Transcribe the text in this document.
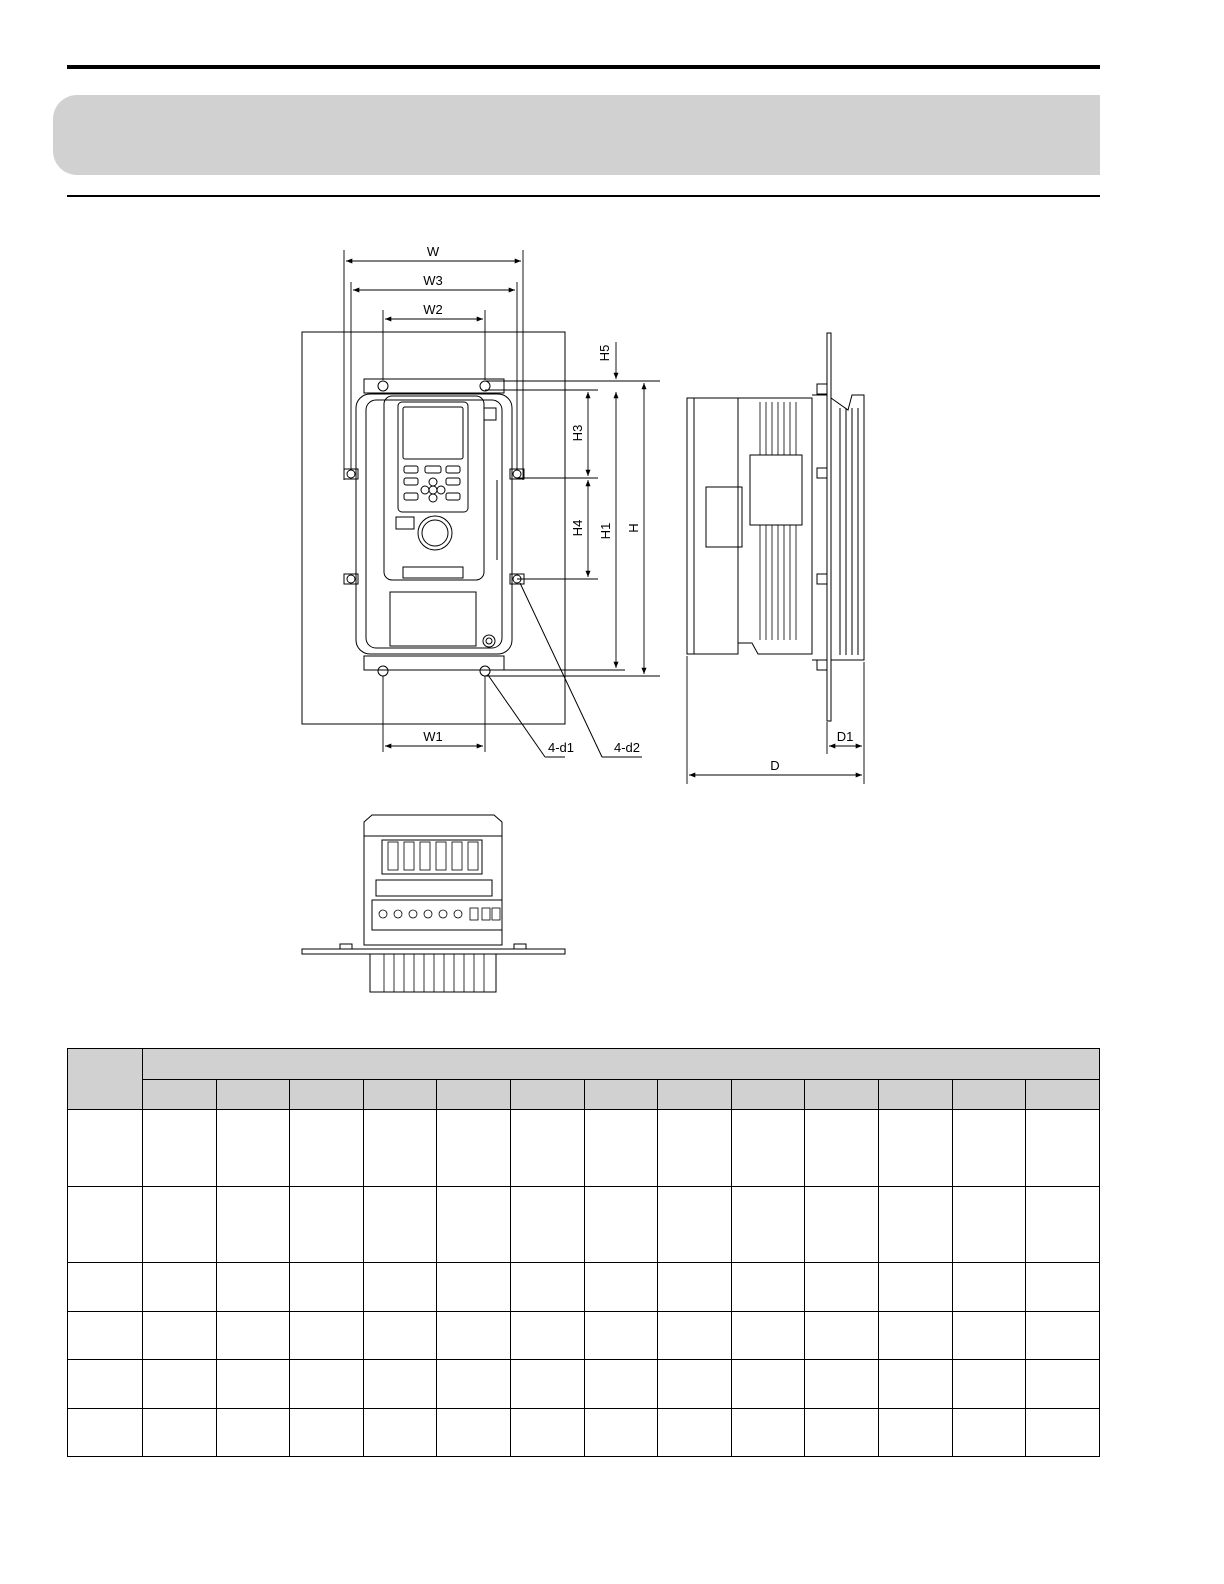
W
W3
W2
W1
4-d1	4-d2
H5
H3
H4 H1 H
D
D1
